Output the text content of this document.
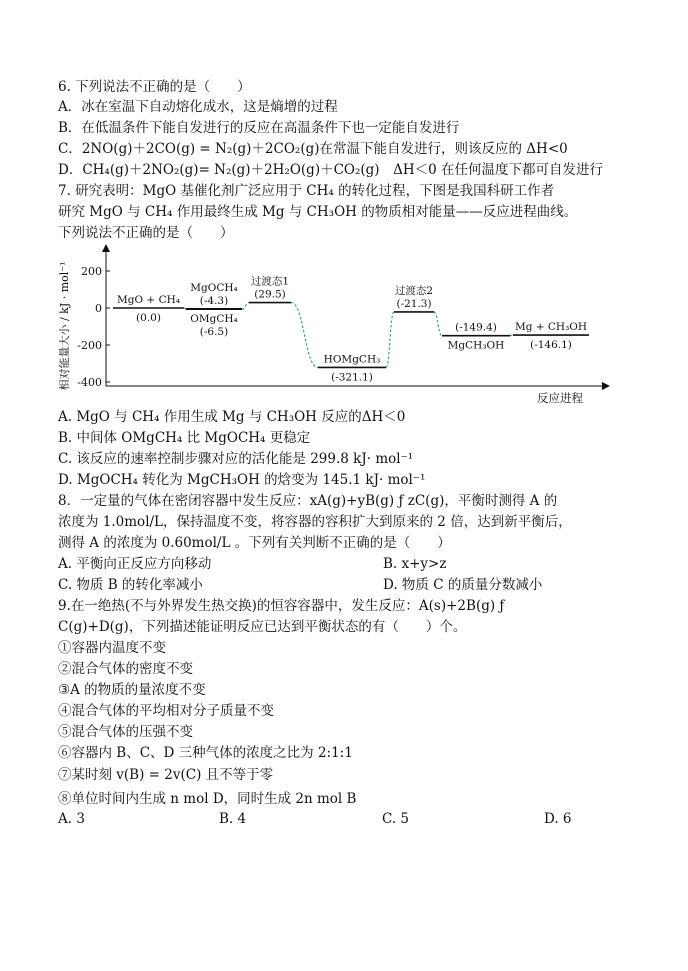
6. 下列说法不正确的是（　　）
A．冰在室温下自动熔化成水，这是熵增的过程
B．在低温条件下能自发进行的反应在高温条件下也一定能自发进行
C．2NO(g)＋2CO(g) = N₂(g)＋2CO₂(g)在常温下能自发进行，则该反应的 ΔH<0
D．CH₄(g)＋2NO₂(g)= N₂(g)＋2H₂O(g)＋CO₂(g)　ΔH＜0 在任何温度下都可自发进行
7. 研究表明：MgO 基催化剂广泛应用于 CH₄ 的转化过程，下图是我国科研工作者
研究 MgO 与 CH₄ 作用最终生成 Mg 与 CH₃OH 的物质相对能量——反应进程曲线。
下列说法不正确的是（　　）
相对能量大小 / kJ · mol⁻¹ 200
0
-200
-400
MgO + CH₄
(0.0)
MgOCH₄
(-4.3)
OMgCH₄
(-6.5)
过渡态1
(29.5)
HOMgCH₃
(-321.1)
过渡态2
(-21.3)
MgCH₃OH
(-149.4) Mg + CH₃OH
(-146.1)
反应进程
A. MgO 与 CH₄ 作用生成 Mg 与 CH₃OH 反应的ΔH＜0
B. 中间体 OMgCH₄ 比 MgOCH₄ 更稳定
C. 该反应的速率控制步骤对应的活化能是 299.8 kJ· mol⁻¹
D. MgOCH₄ 转化为 MgCH₃OH 的焓变为 145.1 kJ· mol⁻¹
8．一定量的气体在密闭容器中发生反应：xA(g)+yB(g) ƒ zC(g)，平衡时测得 A 的
浓度为 1.0mol/L，保持温度不变，将容器的容积扩大到原来的 2 倍，达到新平衡后，
测得 A 的浓度为 0.60mol/L 。下列有关判断不正确的是（　　）
A. 平衡向正反应方向移动	B. x+y>z
C. 物质 B 的转化率减小	D. 物质 C 的质量分数减小
9.在一绝热(不与外界发生热交换)的恒容容器中，发生反应：A(s)+2B(g) ƒ
C(g)+D(g)，下列描述能证明反应已达到平衡状态的有（　　）个。
①容器内温度不变
②混合气体的密度不变
③A 的物质的量浓度不变
④混合气体的平均相对分子质量不变
⑤混合气体的压强不变
⑥容器内 B、C、D 三种气体的浓度之比为 2:1:1
⑦某时刻 v(B) = 2v(C) 且不等于零
⑧单位时间内生成 n mol D，同时生成 2n mol B
A. 3	B. 4	C. 5	D. 6
